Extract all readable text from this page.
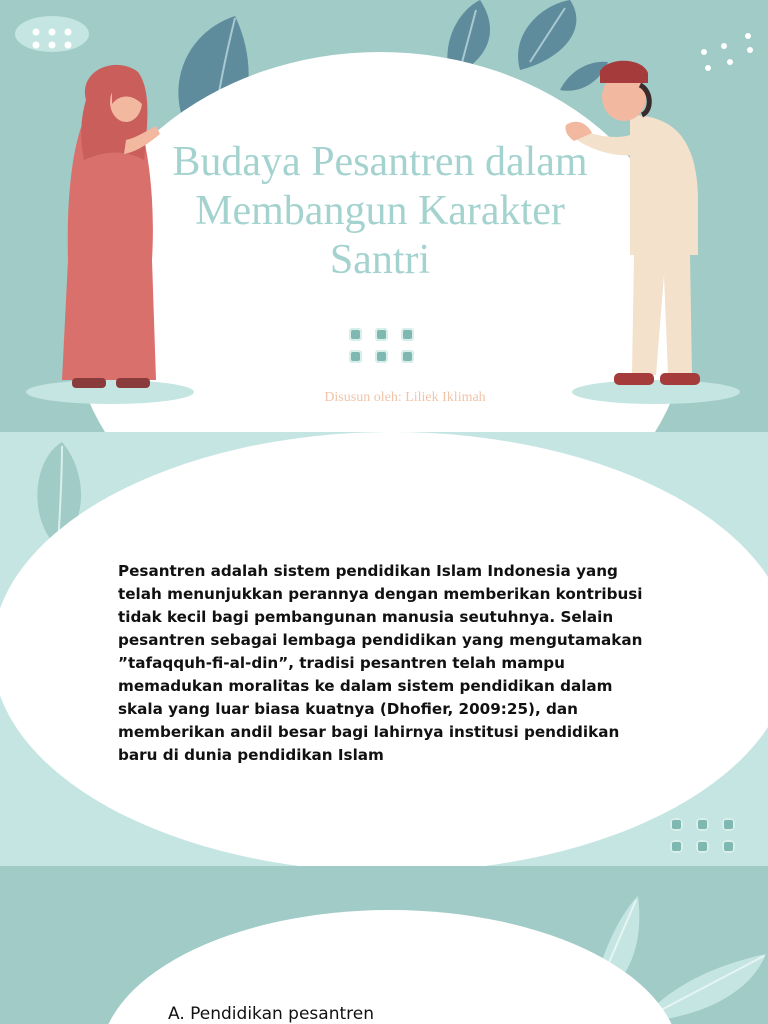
Budaya Pesantren dalam
Membangun Karakter
Santri
Disusun oleh: Liliek Iklimah

Pesantren adalah sistem pendidikan Islam Indonesia yang telah menunjukkan perannya dengan memberikan kontribusi tidak kecil bagi pembangunan manusia seutuhnya. Selain pesantren sebagai lembaga pendidikan yang mengutamakan ”tafaqquh-fi-al-din”, tradisi pesantren telah mampu memadukan moralitas ke dalam sistem pendidikan dalam skala yang luar biasa kuatnya (Dhofier, 2009:25), dan memberikan andil besar bagi lahirnya institusi pendidikan baru di dunia pendidikan Islam

A. Pendidikan pesantren
